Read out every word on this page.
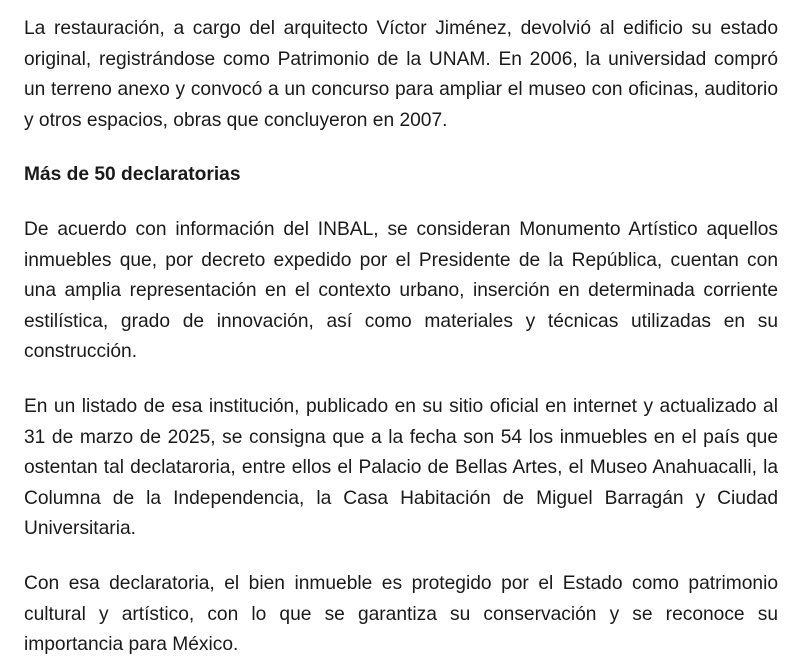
La restauración, a cargo del arquitecto Víctor Jiménez, devolvió al edificio su estado original, registrándose como Patrimonio de la UNAM. En 2006, la universidad compró un terreno anexo y convocó a un concurso para ampliar el museo con oficinas, auditorio y otros espacios, obras que concluyeron en 2007.

Más de 50 declaratorias

De acuerdo con información del INBAL, se consideran Monumento Artístico aquellos inmuebles que, por decreto expedido por el Presidente de la República, cuentan con una amplia representación en el contexto urbano, inserción en determinada corriente estilística, grado de innovación, así como materiales y técnicas utilizadas en su construcción.

En un listado de esa institución, publicado en su sitio oficial en internet y actualizado al 31 de marzo de 2025, se consigna que a la fecha son 54 los inmuebles en el país que ostentan tal declataroria, entre ellos el Palacio de Bellas Artes, el Museo Anahuacalli, la Columna de la Independencia, la Casa Habitación de Miguel Barragán y Ciudad Universitaria.

Con esa declaratoria, el bien inmueble es protegido por el Estado como patrimonio cultural y artístico, con lo que se garantiza su conservación y se reconoce su importancia para México.
